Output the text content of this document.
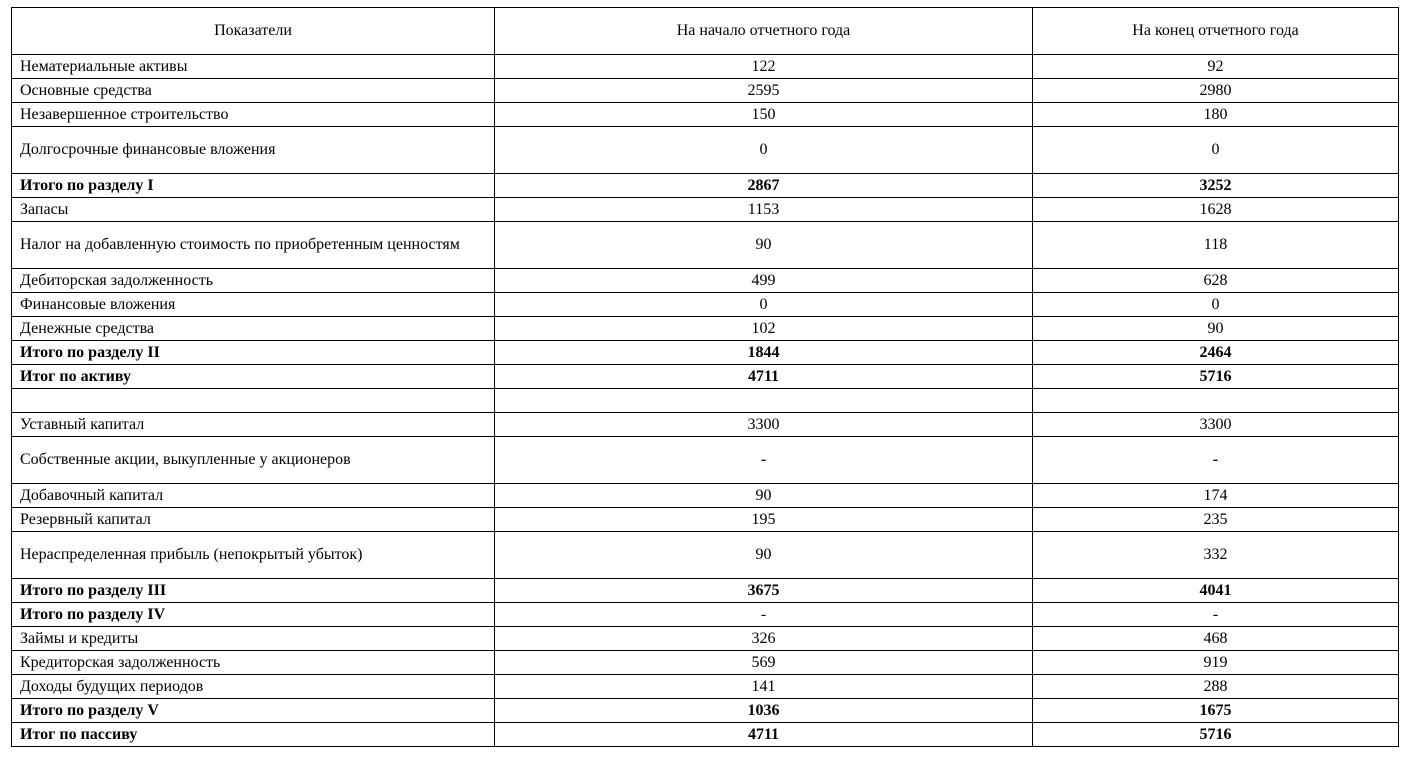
Показатели	На начало отчетного года	На конец отчетного года
Нематериальные активы	122	92
Основные средства	2595	2980
Незавершенное строительство	150	180
Долгосрочные финансовые вложения	0	0
Итого по разделу I	2867	3252
Запасы	1153	1628
Налог на добавленную стоимость по приобретенным ценностям	90	118
Дебиторская задолженность	499	628
Финансовые вложения	0	0
Денежные средства	102	90
Итого по разделу II	1844	2464
Итог по активу	4711	5716

Уставный капитал	3300	3300
Собственные акции, выкупленные у акционеров	-	-
Добавочный капитал	90	174
Резервный капитал	195	235
Нераспределенная прибыль (непокрытый убыток)	90	332
Итого по разделу III	3675	4041
Итого по разделу IV	-	-
Займы и кредиты	326	468
Кредиторская задолженность	569	919
Доходы будущих периодов	141	288
Итого по разделу V	1036	1675
Итог по пассиву	4711	5716
